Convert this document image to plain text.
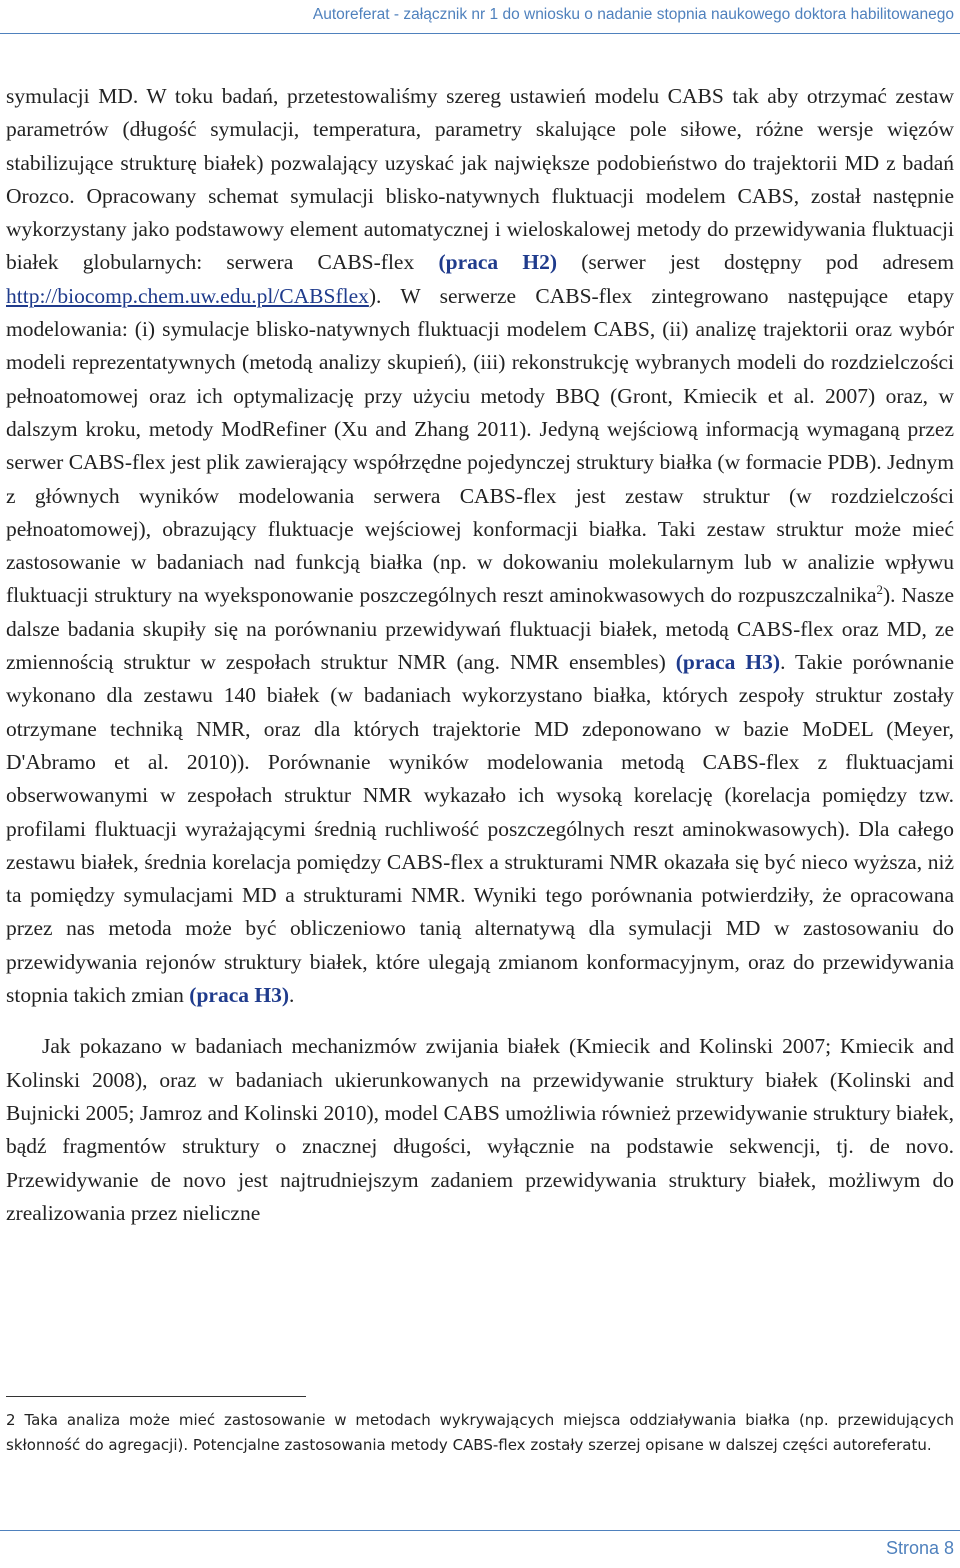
Autoreferat - załącznik nr 1 do wniosku o nadanie stopnia naukowego doktora habilitowanego

symulacji MD. W toku badań, przetestowaliśmy szereg ustawień modelu CABS tak aby otrzymać zestaw parametrów (długość symulacji, temperatura, parametry skalujące pole siłowe, różne wersje więzów stabilizujące strukturę białek) pozwalający uzyskać jak największe podobieństwo do trajektorii MD z badań Orozco. Opracowany schemat symulacji blisko-natywnych fluktuacji modelem CABS, został następnie wykorzystany jako podstawowy element automatycznej i wieloskalowej metody do przewidywania fluktuacji białek globularnych: serwera CABS-flex (praca H2) (serwer jest dostępny pod adresem http://biocomp.chem.uw.edu.pl/CABSflex). W serwerze CABS-flex zintegrowano następujące etapy modelowania: (i) symulacje blisko-natywnych fluktuacji modelem CABS, (ii) analizę trajektorii oraz wybór modeli reprezentatywnych (metodą analizy skupień), (iii) rekonstrukcję wybranych modeli do rozdzielczości pełnoatomowej oraz ich optymalizację przy użyciu metody BBQ (Gront, Kmiecik et al. 2007) oraz, w dalszym kroku, metody ModRefiner (Xu and Zhang 2011). Jedyną wejściową informacją wymaganą przez serwer CABS-flex jest plik zawierający współrzędne pojedynczej struktury białka (w formacie PDB). Jednym z głównych wyników modelowania serwera CABS-flex jest zestaw struktur (w rozdzielczości pełnoatomowej), obrazujący fluktuacje wejściowej konformacji białka. Taki zestaw struktur może mieć zastosowanie w badaniach nad funkcją białka (np. w dokowaniu molekularnym lub w analizie wpływu fluktuacji struktury na wyeksponowanie poszczególnych reszt aminokwasowych do rozpuszczalnika$^2$). Nasze dalsze badania skupiły się na porównaniu przewidywań fluktuacji białek, metodą CABS-flex oraz MD, ze zmiennością struktur w zespołach struktur NMR (ang. NMR ensembles) (praca H3). Takie porównanie wykonano dla zestawu 140 białek (w badaniach wykorzystano białka, których zespoły struktur zostały otrzymane techniką NMR, oraz dla których trajektorie MD zdeponowano w bazie MoDEL (Meyer, D'Abramo et al. 2010)). Porównanie wyników modelowania metodą CABS-flex z fluktuacjami obserwowanymi w zespołach struktur NMR wykazało ich wysoką korelację (korelacja pomiędzy tzw. profilami fluktuacji wyrażającymi średnią ruchliwość poszczególnych reszt aminokwasowych). Dla całego zestawu białek, średnia korelacja pomiędzy CABS-flex a strukturami NMR okazała się być nieco wyższa, niż ta pomiędzy symulacjami MD a strukturami NMR. Wyniki tego porównania potwierdziły, że opracowana przez nas metoda może być obliczeniowo tanią alternatywą dla symulacji MD w zastosowaniu do przewidywania rejonów struktury białek, które ulegają zmianom konformacyjnym, oraz do przewidywania stopnia takich zmian (praca H3).

Jak pokazano w badaniach mechanizmów zwijania białek (Kmiecik and Kolinski 2007; Kmiecik and Kolinski 2008), oraz w badaniach ukierunkowanych na przewidywanie struktury białek (Kolinski and Bujnicki 2005; Jamroz and Kolinski 2010), model CABS umożliwia również przewidywanie struktury białek, bądź fragmentów struktury o znacznej długości, wyłącznie na podstawie sekwencji, tj. de novo. Przewidywanie de novo jest najtrudniejszym zadaniem przewidywania struktury białek, możliwym do zrealizowania przez nieliczne

2 Taka analiza może mieć zastosowanie w metodach wykrywających miejsca oddziaływania białka (np. przewidujących skłonność do agregacji). Potencjalne zastosowania metody CABS-flex zostały szerzej opisane w dalszej części autoreferatu.
Strona 8
